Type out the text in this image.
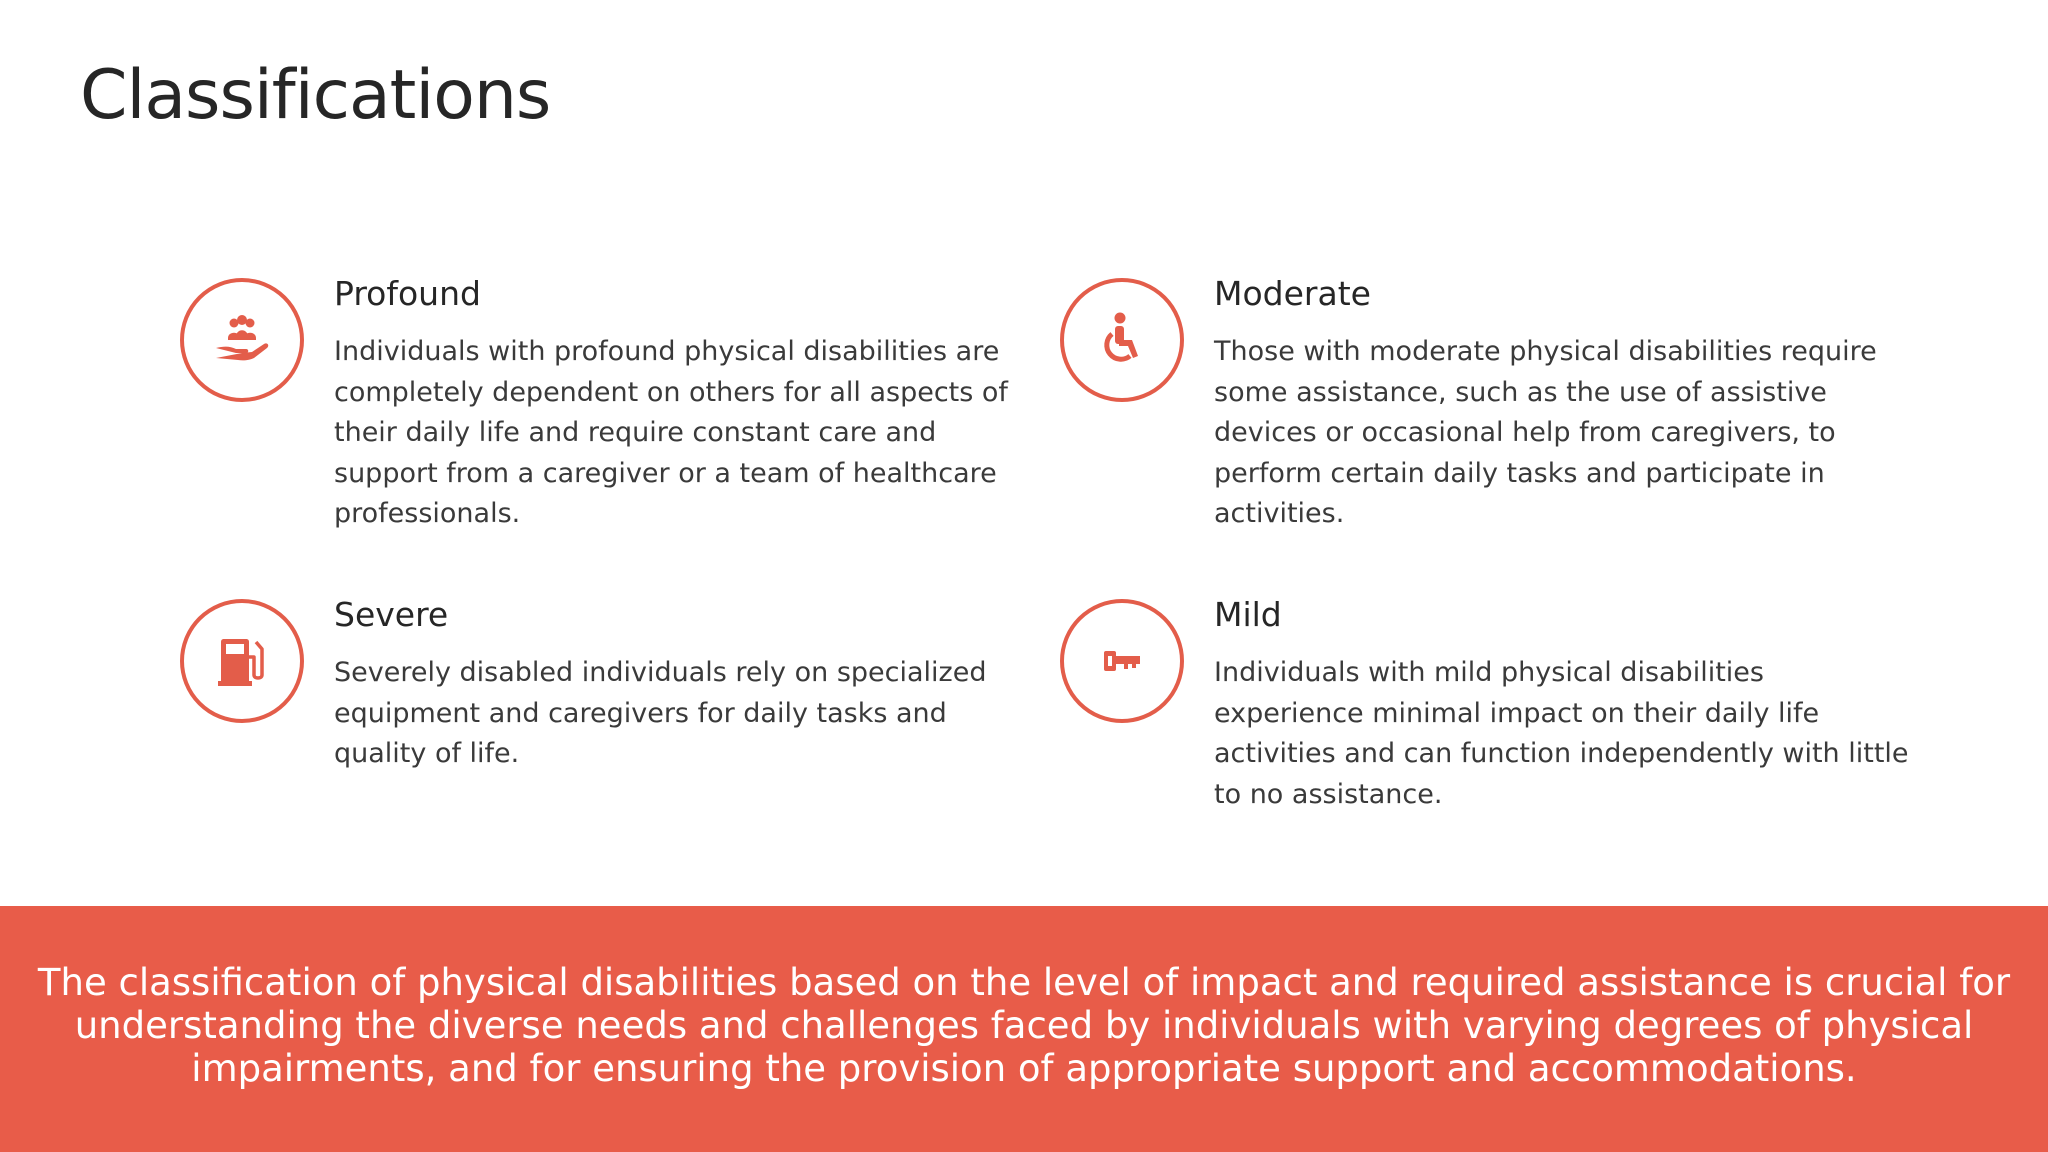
Classifications
Profound

Individuals with profound physical disabilities are
completely dependent on others for all aspects of
their daily life and require constant care and
support from a caregiver or a team of healthcare
professionals.

Moderate

Those with moderate physical disabilities require
some assistance, such as the use of assistive
devices or occasional help from caregivers, to
perform certain daily tasks and participate in
activities.

Severe

Severely disabled individuals rely on specialized
equipment and caregivers for daily tasks and
quality of life.

Mild

Individuals with mild physical disabilities
experience minimal impact on their daily life
activities and can function independently with little
to no assistance.

The classification of physical disabilities based on the level of impact and required assistance is crucial for
understanding the diverse needs and challenges faced by individuals with varying degrees of physical
impairments, and for ensuring the provision of appropriate support and accommodations.
